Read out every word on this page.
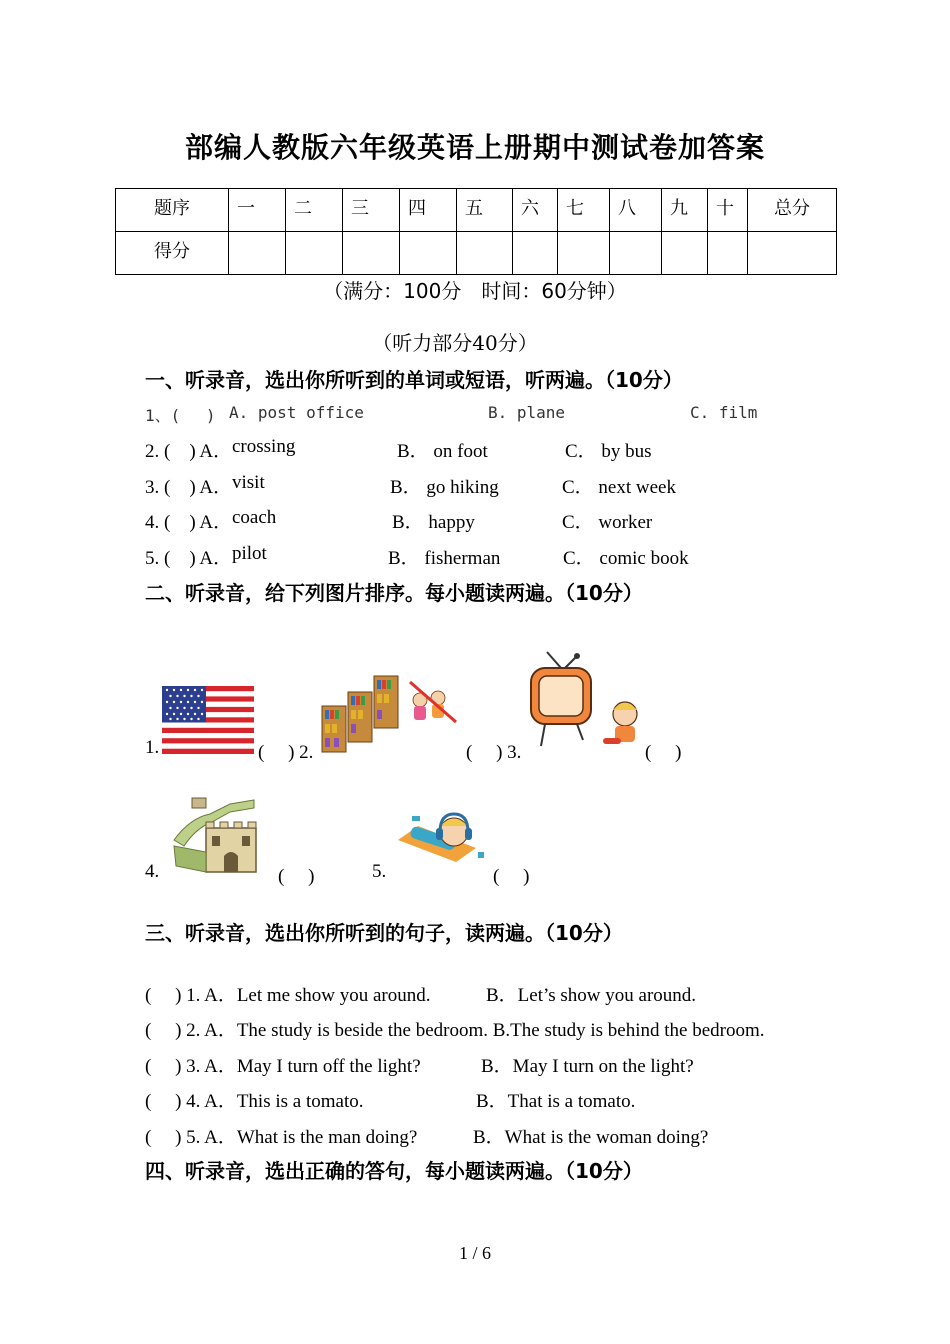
部编人教版六年级英语上册期中测试卷加答案
题序	一	二	三	四	五	六	七	八	九	十	总分
得分											
（满分：100分　时间：60分钟）
（听力部分40分）
一、听录音，选出你所听到的单词或短语，听两遍。（10分）
1、(　 ) A. post office	B. plane	C. film
2. (　) A． crossing	B． on foot	C． by bus
3. (　) A． visit	B． go hiking	C． next week
4. (　) A． coach	B． happy	C． worker
5. (　) A． pilot	B． fisherman	C． comic book
二、听录音，给下列图片排序。每小题读两遍。（10分）
1.	(　 ) 2.	(　 ) 3.	(　 )
4.	(　 )	5.	(　 )
三、听录音，选出你所听到的句子，读两遍。（10分）
(　 ) 1. A．Let me show you around.	B．Let’s show you around.
(　 ) 2. A．The study is beside the bedroom. B.The study is behind the bedroom.
(　 ) 3. A．May I turn off the light?	B．May I turn on the light?
(　 ) 4. A．This is a tomato.	B．That is a tomato.
(　 ) 5. A．What is the man doing?	B．What is the woman doing?
四、听录音，选出正确的答句，每小题读两遍。（10分）
1 / 6
